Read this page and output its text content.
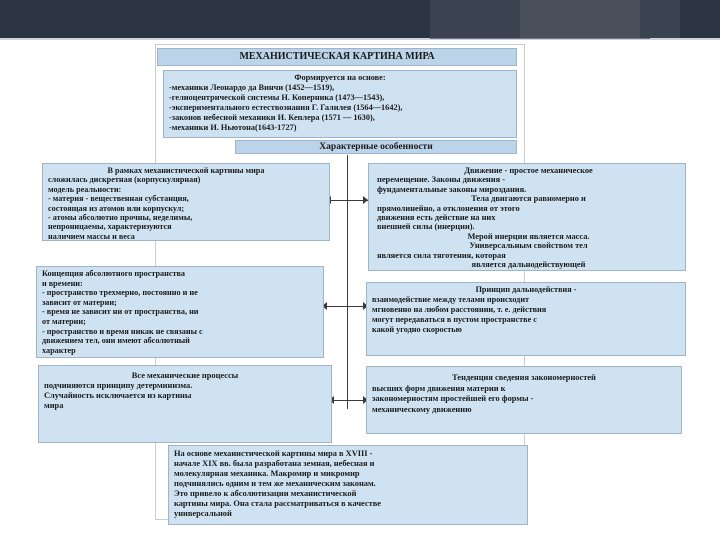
МЕХАНИСТИЧЕСКАЯ КАРТИНА МИРА
Формируется на основе:
-механики Леонардо да Винчи (1452—1519),
-гелиоцентрической системы Н. Коперника (1473—1543),
-экспериментального естествознания Г. Галилея (1564—1642),
-законов небесной механики И. Кеплера (1571 — 1630),
-механики И. Ньютона(1643-1727)
Характерные особенности
В рамках механистической картины мира
сложилась дискретная (корпускулярная)
модель реальности:
- материя - вещественная субстанция,
состоящая из атомов или корпускул;
- атомы абсолютно прочны, неделимы,
непроницаемы, характеризуются
наличием массы и веса
Концепция абсолютного пространства
и времени:
- пространство трехмерно, постоянно и не
зависит от материи;
- время не зависит ни от пространства, ни
от материи;
- пространство и время никак не связаны с
движением тел, они имеют абсолютный
характер
Все механические процессы
подчиняются принципу детерминизма.
Случайность исключается из картины
мира
Движение - простое механическое
перемещение. Законы движения -
фундаментальные законы мироздания.
Тела двигаются равномерно и
прямолинейно, а отклонения от этого
движения есть действие на них
внешней силы (инерции).
Мерой инерции является масса.
Универсальным свойством тел
является сила тяготения, которая
является дальнодействующей
Принцип дальнодействия -
взаимодействие между телами происходит
мгновенно на любом расстоянии, т. е. действия
могут передаваться в пустом пространстве с
какой угодно скоростью
Тенденция сведения закономерностей
высших форм движения материи к
закономерностям простейшей его формы -
механическому движению
На основе механистической картины мира в XVIII -
начале XIX вв. была разработана земная, небесная и
молекулярная механика. Макромир и микромир
подчинялись одним и тем же механическим законам.
Это привело к абсолютизации механистической
картины мира. Она стала рассматриваться в качестве
универсальной
